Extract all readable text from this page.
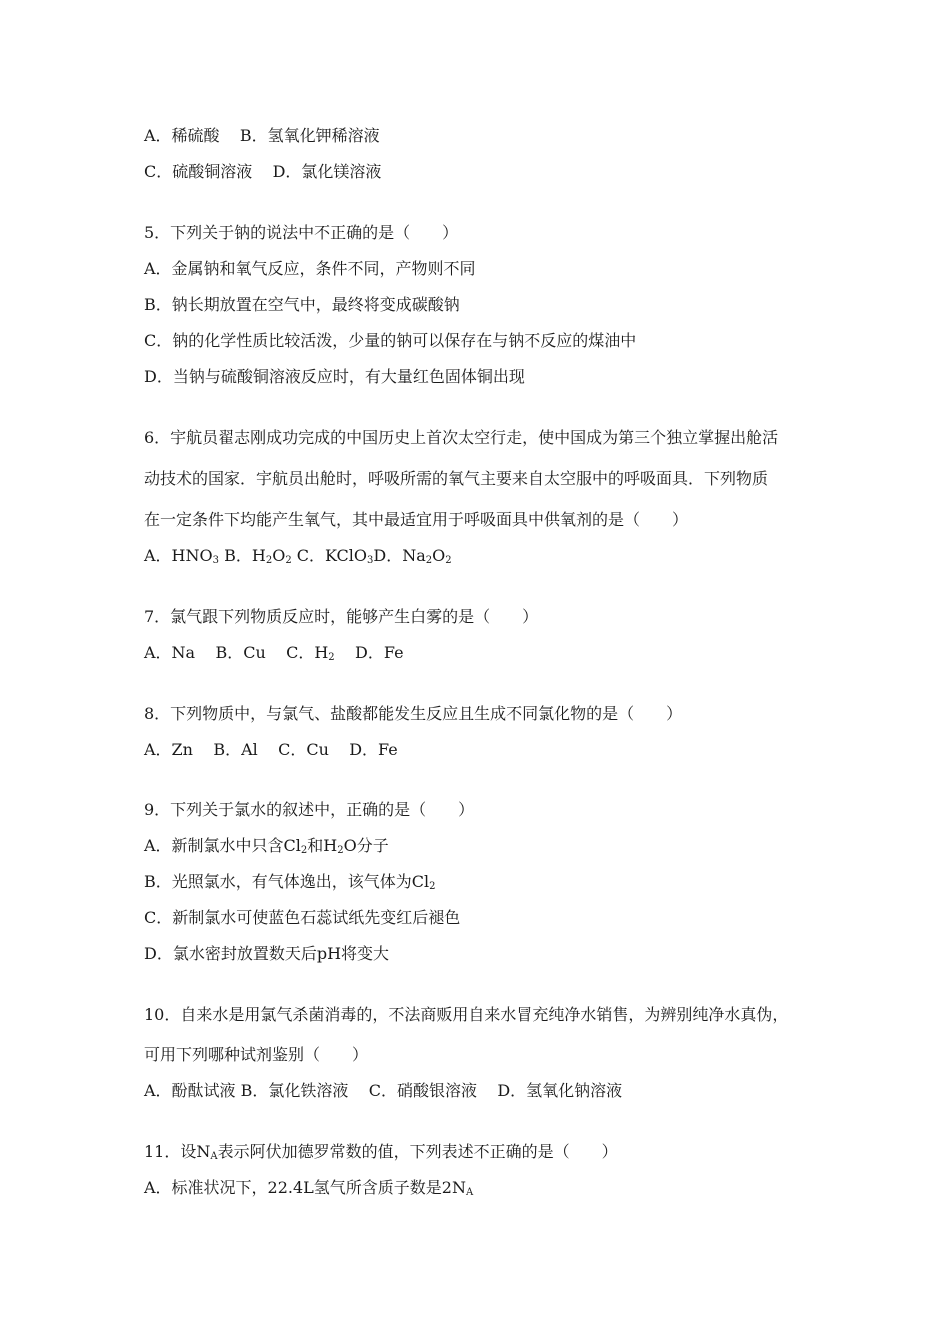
A．稀硫酸    B．氢氧化钾稀溶液
C．硫酸铜溶液    D．氯化镁溶液
5．下列关于钠的说法中不正确的是（　　）
A．金属钠和氧气反应，条件不同，产物则不同
B．钠长期放置在空气中，最终将变成碳酸钠
C．钠的化学性质比较活泼，少量的钠可以保存在与钠不反应的煤油中
D．当钠与硫酸铜溶液反应时，有大量红色固体铜出现
6．宇航员翟志刚成功完成的中国历史上首次太空行走，使中国成为第三个独立掌握出舱活
动技术的国家．宇航员出舱时，呼吸所需的氧气主要来自太空服中的呼吸面具．下列物质
在一定条件下均能产生氧气，其中最适宜用于呼吸面具中供氧剂的是（　　）
A．$HNO_3$ B．$H_2O_2$ C．KClO$_3$D．$Na_2O_2$
7．氯气跟下列物质反应时，能够产生白雾的是（　　）
A．Na    B．Cu    C．$H_2$    D．Fe
8．下列物质中，与氯气、盐酸都能发生反应且生成不同氯化物的是（　　）
A．Zn    B．Al    C．Cu    D．Fe
9．下列关于氯水的叙述中，正确的是（　　）
A．新制氯水中只含$Cl_2$和$H_2O$分子
B．光照氯水，有气体逸出，该气体为$Cl_2$
C．新制氯水可使蓝色石蕊试纸先变红后褪色
D．氯水密封放置数天后pH将变大
10．自来水是用氯气杀菌消毒的，不法商贩用自来水冒充纯净水销售，为辨别纯净水真伪，
可用下列哪种试剂鉴别（　　）
A．酚酞试液 B．氯化铁溶液    C．硝酸银溶液    D．氢氧化钠溶液
11．设$N_A$表示阿伏加德罗常数的值，下列表述不正确的是（　　）
A．标准状况下，22.4L氢气所含质子数是$2N_A$
